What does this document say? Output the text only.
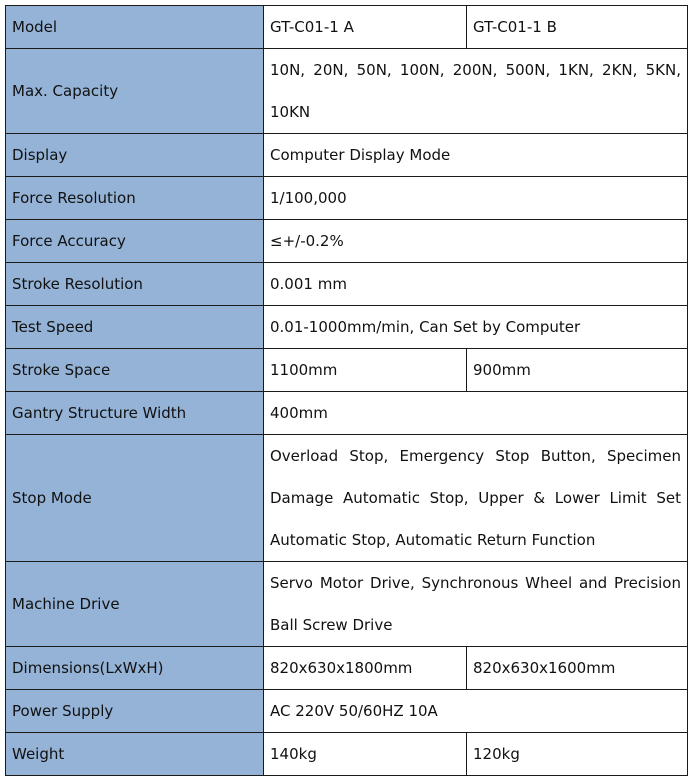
Model	GT-C01-1 A	GT-C01-1 B
Max. Capacity	10N, 20N, 50N, 100N, 200N, 500N, 1KN, 2KN, 5KN, 10KN	
Display	Computer Display Mode	
Force Resolution	1/100,000	
Force Accuracy	≤+/-0.2%	
Stroke Resolution	0.001 mm	
Test Speed	0.01-1000mm/min, Can Set by Computer	
Stroke Space	1100mm	900mm
Gantry Structure Width	400mm	
Stop Mode	Overload Stop, Emergency Stop Button, Specimen Damage Automatic Stop, Upper & Lower Limit Set Automatic Stop, Automatic Return Function	
Machine Drive	Servo Motor Drive, Synchronous Wheel and Precision Ball Screw Drive	
Dimensions(LxWxH)	820x630x1800mm	820x630x1600mm
Power Supply	AC 220V 50/60HZ 10A	
Weight	140kg	120kg
